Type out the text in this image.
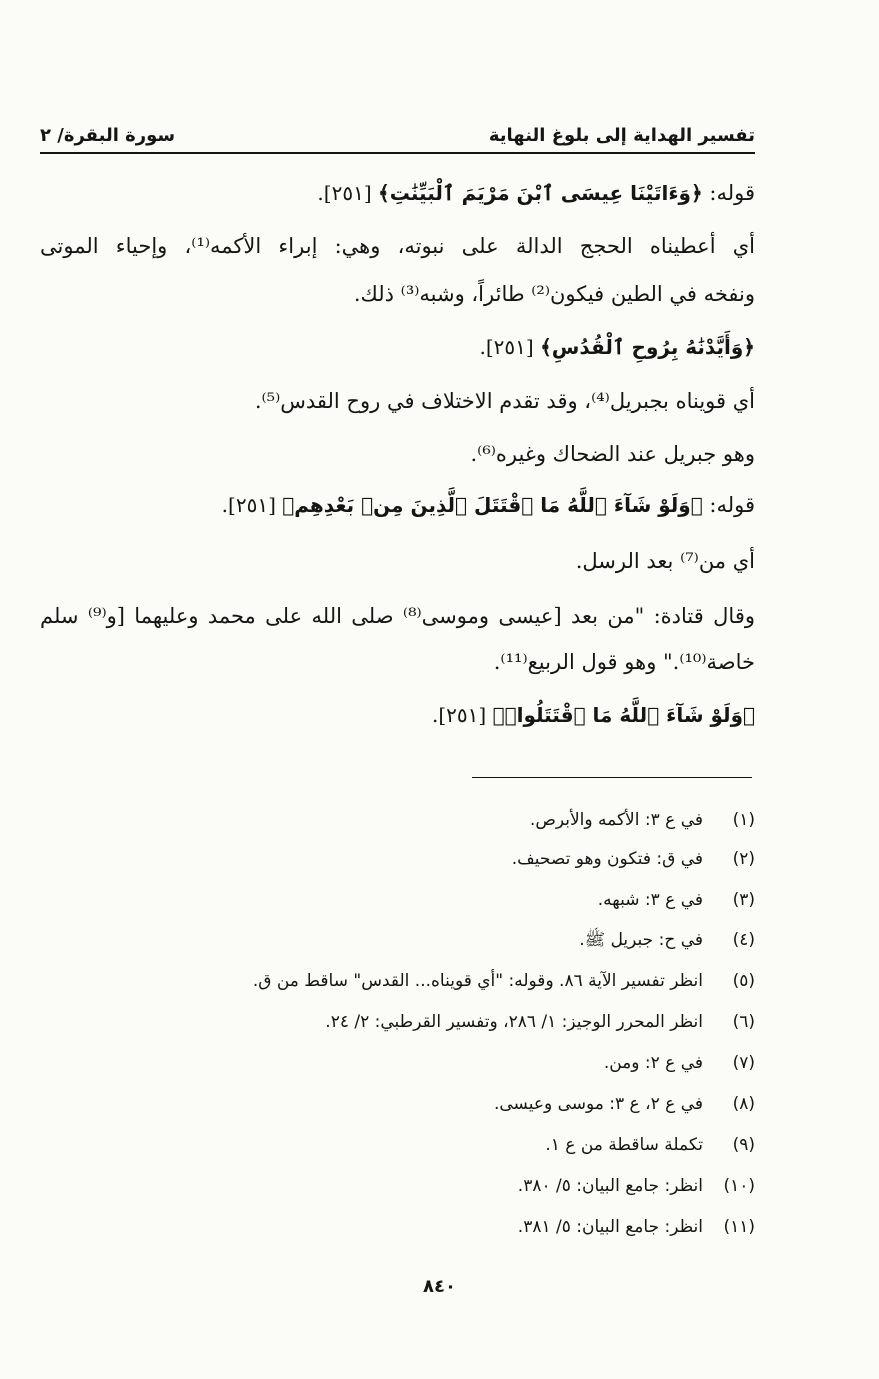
تفسير الهداية إلى بلوغ النهاية
سورة البقرة/ ٢
قوله: ﴿وَءَاتَيْنَا عِيسَى ٱبْنَ مَرْيَمَ ٱلْبَيِّنَٰتِ﴾ [٢٥١].
أي أعطيناه الحجج الدالة على نبوته، وهي: إبراء الأكمه⁽¹⁾، وإحياء الموتى
ونفخه في الطين فيكون⁽²⁾ طائراً، وشبه⁽³⁾ ذلك.
﴿وَأَيَّدْنَٰهُ بِرُوحِ ٱلْقُدُسِ﴾ [٢٥١].
أي قويناه بجبريل⁽⁴⁾، وقد تقدم الاختلاف في روح القدس⁽⁵⁾.
وهو جبريل عند الضحاك وغيره⁽⁶⁾.
قوله: ﴿وَلَوْ شَآءَ ٱللَّهُ مَا ٱقْتَتَلَ ٱلَّذِينَ مِنۢ بَعْدِهِم﴾ [٢٥١].
أي من⁽⁷⁾ بعد الرسل.
وقال قتادة: "من بعد [عيسى وموسى⁽⁸⁾ صلى الله على محمد وعليهما [و⁽⁹⁾ سلم
خاصة⁽¹⁰⁾." وهو قول الربيع⁽¹¹⁾.
﴿وَلَوْ شَآءَ ٱللَّهُ مَا ٱقْتَتَلُوا۟﴾ [٢٥١].
(١)
في ع ٣: الأكمه والأبرص.
(٢)
في ق: فتكون وهو تصحيف.
(٣)
في ع ٣: شبهه.
(٤)
في ح: جبريل ﷺ.
(٥)
انظر تفسير الآية ٨٦. وقوله: "أي قويناه... القدس" ساقط من ق.
(٦)
انظر المحرر الوجيز: ١/ ٢٨٦، وتفسير القرطبي: ٢/ ٢٤.
(٧)
في ع ٢: ومن.
(٨)
في ع ٢، ع ٣: موسى وعيسى.
(٩)
تكملة ساقطة من ع ١.
(١٠)
انظر: جامع البيان: ٥/ ٣٨٠.
(١١)
انظر: جامع البيان: ٥/ ٣٨١.
٨٤٠
